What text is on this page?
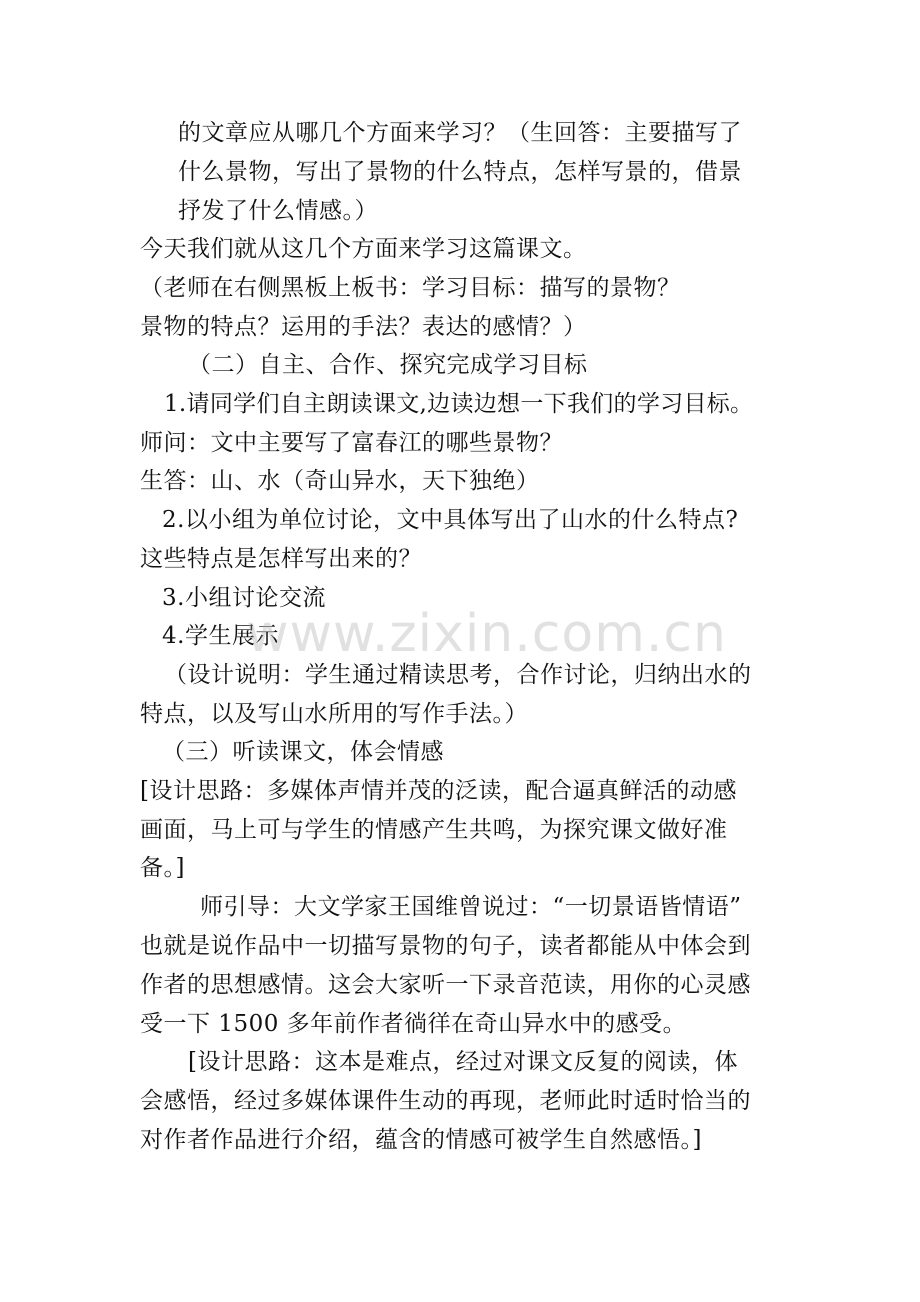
的文章应从哪几个方面来学习？（生回答：主要描写了
什么景物，写出了景物的什么特点，怎样写景的，借景
抒发了什么情感。）
今天我们就从这几个方面来学习这篇课文。
（老师在右侧黑板上板书：学习目标：描写的景物？
景物的特点？运用的手法？表达的感情？）
（二）自主、合作、探究完成学习目标
1.请同学们自主朗读课文,边读边想一下我们的学习目标。
师问：文中主要写了富春江的哪些景物？
生答：山、水（奇山异水，天下独绝）
2.以小组为单位讨论，文中具体写出了山水的什么特点?
这些特点是怎样写出来的？
3.小组讨论交流
4.学生展示
（设计说明：学生通过精读思考，合作讨论，归纳出水的
特点，以及写山水所用的写作手法。）
（三）听读课文，体会情感
[设计思路：多媒体声情并茂的泛读，配合逼真鲜活的动感
画面，马上可与学生的情感产生共鸣，为探究课文做好准
备。]
师引导：大文学家王国维曾说过：“一切景语皆情语”
也就是说作品中一切描写景物的句子，读者都能从中体会到
作者的思想感情。这会大家听一下录音范读，用你的心灵感
受一下 1500 多年前作者徜徉在奇山异水中的感受。
[设计思路：这本是难点，经过对课文反复的阅读，体
会感悟，经过多媒体课件生动的再现，老师此时适时恰当的
对作者作品进行介绍，蕴含的情感可被学生自然感悟。]
www.zixin.com.cn
